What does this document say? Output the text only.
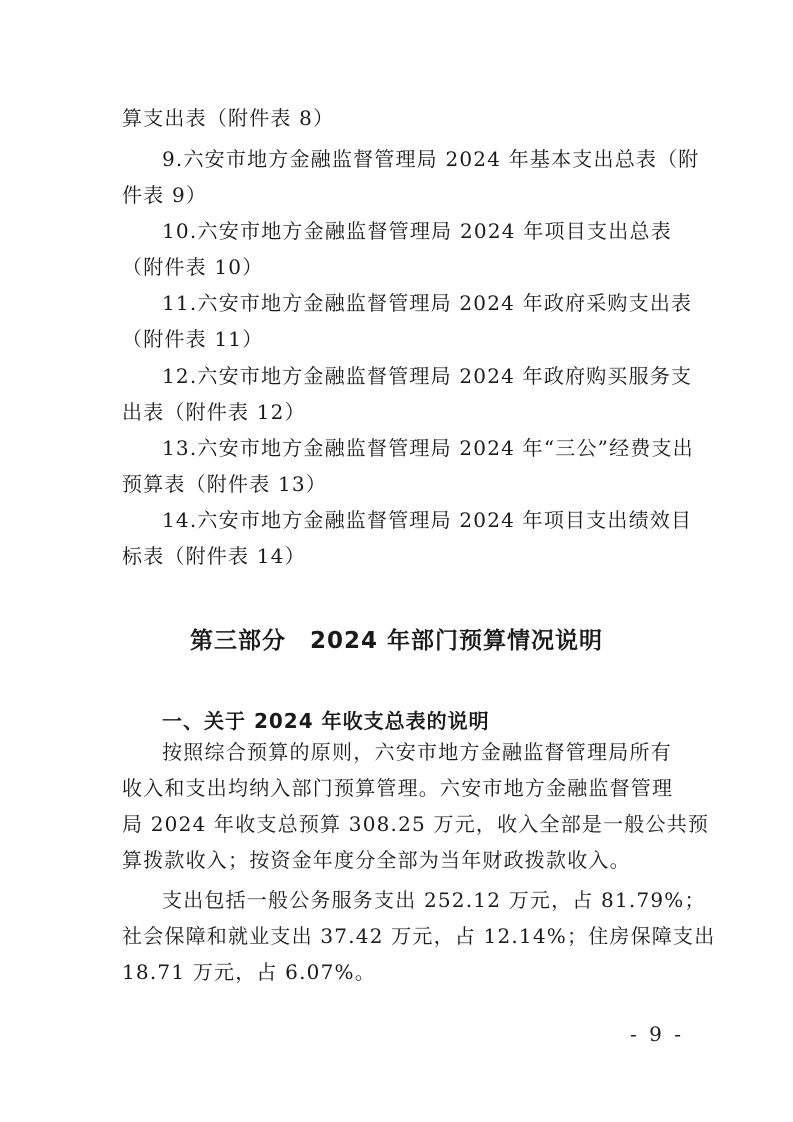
算支出表（附件表 8）
9.六安市地方金融监督管理局 2024 年基本支出总表（附
件表 9）
10.六安市地方金融监督管理局 2024 年项目支出总表
（附件表 10）
11.六安市地方金融监督管理局 2024 年政府采购支出表
（附件表 11）
12.六安市地方金融监督管理局 2024 年政府购买服务支
出表（附件表 12）
13.六安市地方金融监督管理局 2024 年“三公”经费支出
预算表（附件表 13）
14.六安市地方金融监督管理局 2024 年项目支出绩效目
标表（附件表 14）
第三部分　2024 年部门预算情况说明
一、关于 2024 年收支总表的说明
按照综合预算的原则，六安市地方金融监督管理局所有
收入和支出均纳入部门预算管理。六安市地方金融监督管理
局 2024 年收支总预算 308.25 万元，收入全部是一般公共预
算拨款收入；按资金年度分全部为当年财政拨款收入。
支出包括一般公务服务支出 252.12 万元，占 81.79%；
社会保障和就业支出 37.42 万元，占 12.14%；住房保障支出
18.71 万元，占 6.07%。
- 9 -
